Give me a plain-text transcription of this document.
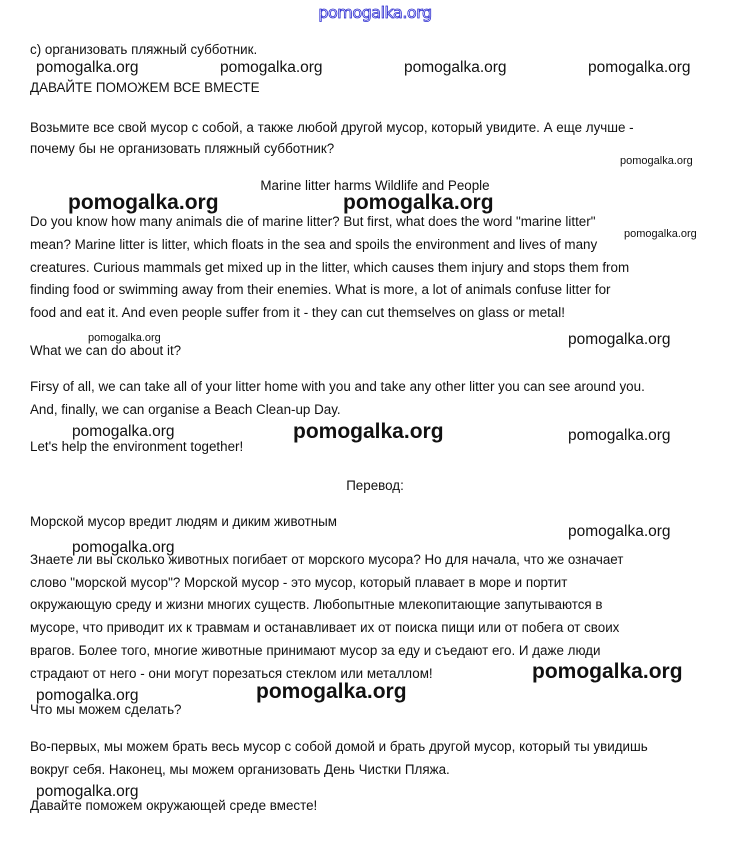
pomogalka.org
c) организовать пляжный субботник.
pomogalka.org	pomogalka.org	pomogalka.org	pomogalka.org
ДАВАЙТЕ ПОМОЖЕМ ВСЕ ВМЕСТЕ
Возьмите все свой мусор с собой, а также любой другой мусор, который увидите. А еще лучше -
почему бы не организовать пляжный субботник?
pomogalka.org
Marine litter harms Wildlife and People
pomogalka.org	pomogalka.org
Do you know how many animals die of marine litter? But first, what does the word "marine litter"
pomogalka.org
mean? Marine litter is litter, which floats in the sea and spoils the environment and lives of many
creatures. Curious mammals get mixed up in the litter, which causes them injury and stops them from
finding food or swimming away from their enemies. What is more, a lot of animals confuse litter for
food and eat it. And even people suffer from it - they can cut themselves on glass or metal!
pomogalka.org	pomogalka.org
What we can do about it?
Firsy of all, we can take all of your litter home with you and take any other litter you can see around you.
And, finally, we can organise a Beach Clean-up Day.
pomogalka.org	pomogalka.org	pomogalka.org
Let's help the environment together!
Перевод:
Морской мусор вредит людям и диким животным
pomogalka.org
pomogalka.org
Знаете ли вы сколько животных погибает от морского мусора? Но для начала, что же означает
слово "морской мусор"? Морской мусор - это мусор, который плавает в море и портит
окружающую среду и жизни многих существ. Любопытные млекопитающие запутываются в
мусоре, что приводит их к травмам и останавливает их от поиска пищи или от побега от своих
врагов. Более того, многие животные принимают мусор за еду и съедают его. И даже люди
страдают от него - они могут порезаться стеклом или металлом!	pomogalka.org
pomogalka.org	pomogalka.org
Что мы можем сделать?
Во-первых, мы можем брать весь мусор с собой домой и брать другой мусор, который ты увидишь
вокруг себя. Наконец, мы можем организовать День Чистки Пляжа.
pomogalka.org
Давайте поможем окружающей среде вместе!
